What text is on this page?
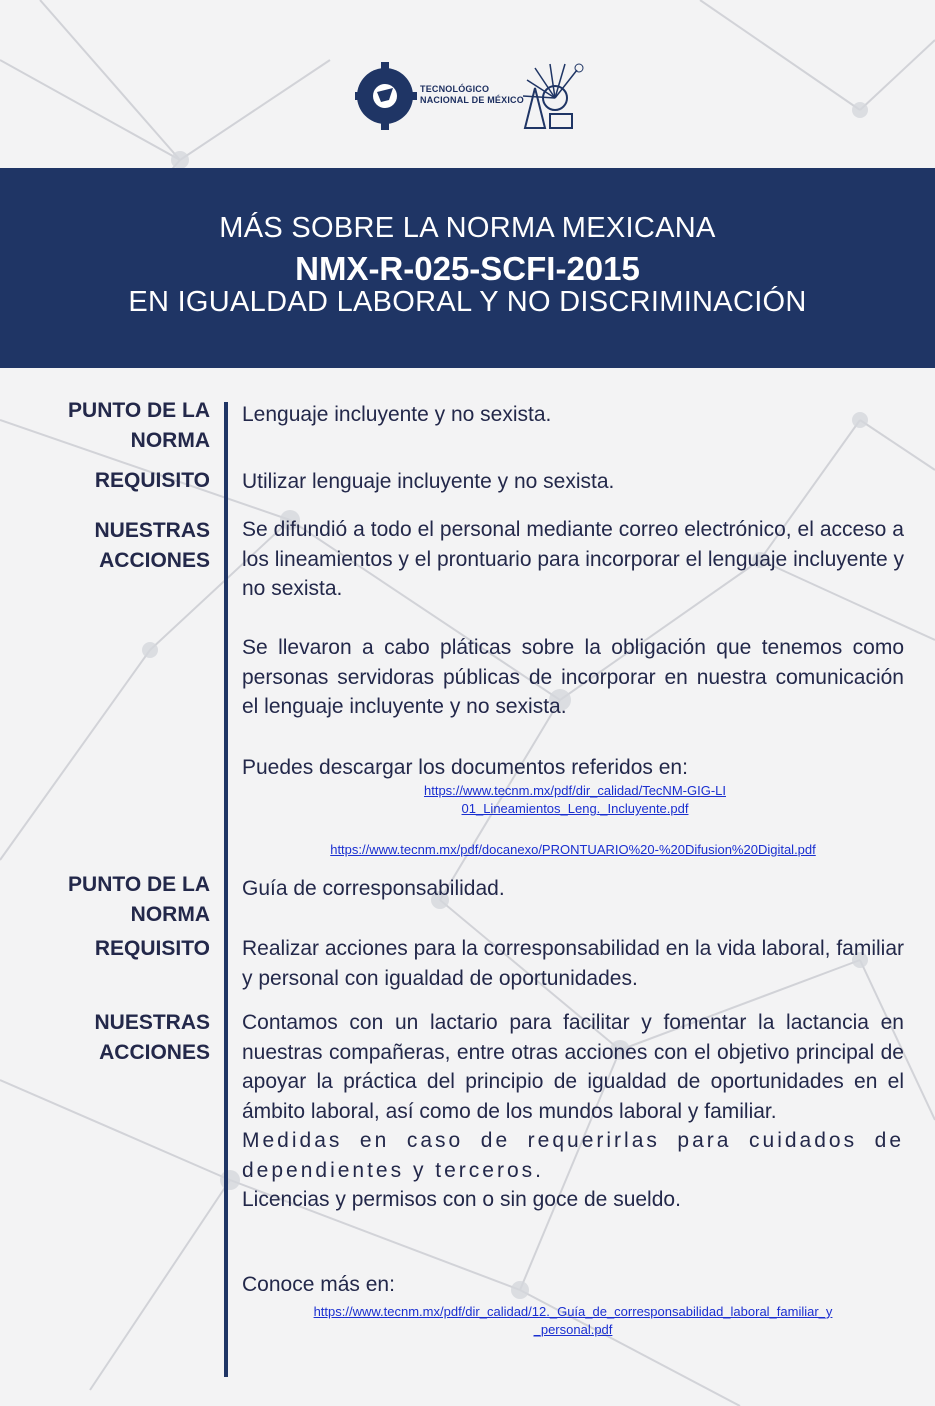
TECNOLÓGICO
NACIONAL DE MÉXICO
MÁS SOBRE LA NORMA MEXICANA
NMX-R-025-SCFI-2015
EN IGUALDAD LABORAL Y NO DISCRIMINACIÓN
PUNTO DE LA NORMA
Lenguaje incluyente y no sexista.
REQUISITO Utilizar lenguaje incluyente y no sexista.
NUESTRAS ACCIONES

Se difundió a todo el personal mediante correo electrónico, el acceso a los lineamientos y el prontuario para incorporar el lenguaje incluyente y no sexista.

Se llevaron a cabo pláticas sobre la obligación que tenemos como personas servidoras públicas de incorporar en nuestra comunicación el lenguaje incluyente y no sexista.

Puedes descargar los documentos referidos en:
https://www.tecnm.mx/pdf/dir_calidad/TecNM-GIG-LI
01_Lineamientos_Leng._Incluyente.pdf
https://www.tecnm.mx/pdf/docanexo/PRONTUARIO%20-%20Difusion%20Digital.pdf
PUNTO DE LA NORMA
Guía de corresponsabilidad.
REQUISITO Realizar acciones para la corresponsabilidad en la vida laboral, familiar y personal con igualdad de oportunidades.
NUESTRAS ACCIONES

Contamos con un lactario para facilitar y fomentar la lactancia en nuestras compañeras, entre otras acciones con el objetivo principal de apoyar la práctica del principio de igualdad de oportunidades en el ámbito laboral, así como de los mundos laboral y familiar.

Medidas en caso de requerirlas para cuidados de dependientes y terceros.

Licencias y permisos con o sin goce de sueldo.

Conoce más en:
https://www.tecnm.mx/pdf/dir_calidad/12._Guía_de_corresponsabilidad_laboral_familiar_y
_personal.pdf
